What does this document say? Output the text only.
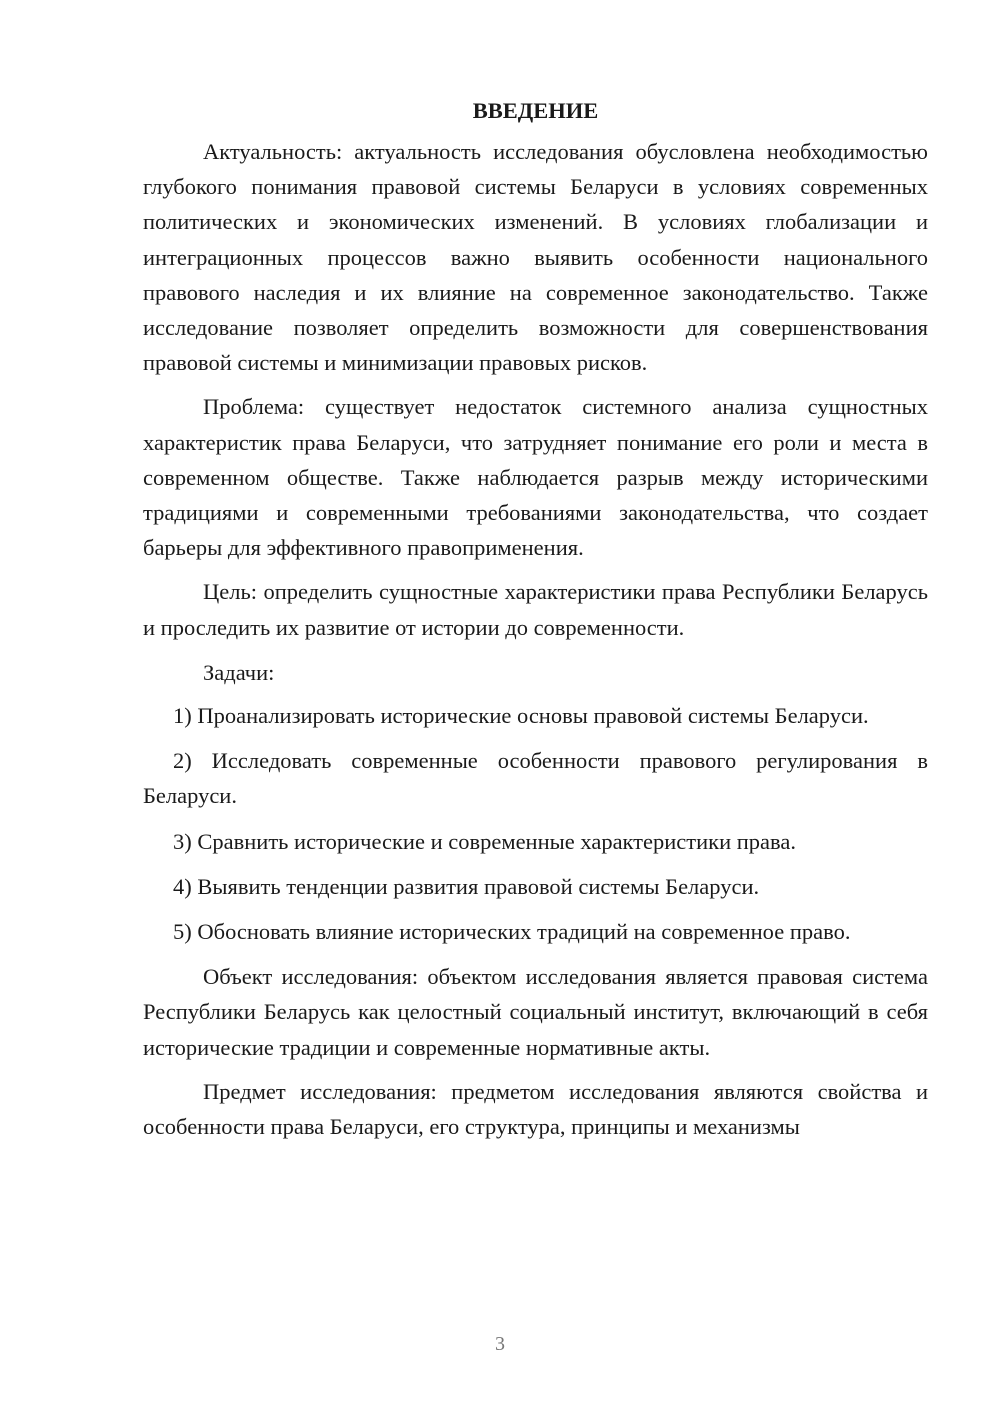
ВВЕДЕНИЕ

Актуальность: актуальность исследования обусловлена необходимостью глубокого понимания правовой системы Беларуси в условиях современных политических и экономических изменений. В условиях глобализации и интеграционных процессов важно выявить особенности национального правового наследия и их влияние на современное законодательство. Также исследование позволяет определить возможности для совершенствования правовой системы и минимизации правовых рисков.

Проблема: существует недостаток системного анализа сущностных характеристик права Беларуси, что затрудняет понимание его роли и места в современном обществе. Также наблюдается разрыв между историческими традициями и современными требованиями законодательства, что создает барьеры для эффективного правоприменения.

Цель: определить сущностные характеристики права Республики Беларусь и проследить их развитие от истории до современности.

Задачи:

1) Проанализировать исторические основы правовой системы Беларуси.

2) Исследовать современные особенности правового регулирования в Беларуси.

3) Сравнить исторические и современные характеристики права.

4) Выявить тенденции развития правовой системы Беларуси.

5) Обосновать влияние исторических традиций на современное право.

Объект исследования: объектом исследования является правовая система Республики Беларусь как целостный социальный институт, включающий в себя исторические традиции и современные нормативные акты.

Предмет исследования: предметом исследования являются свойства и особенности права Беларуси, его структура, принципы и механизмы

3
